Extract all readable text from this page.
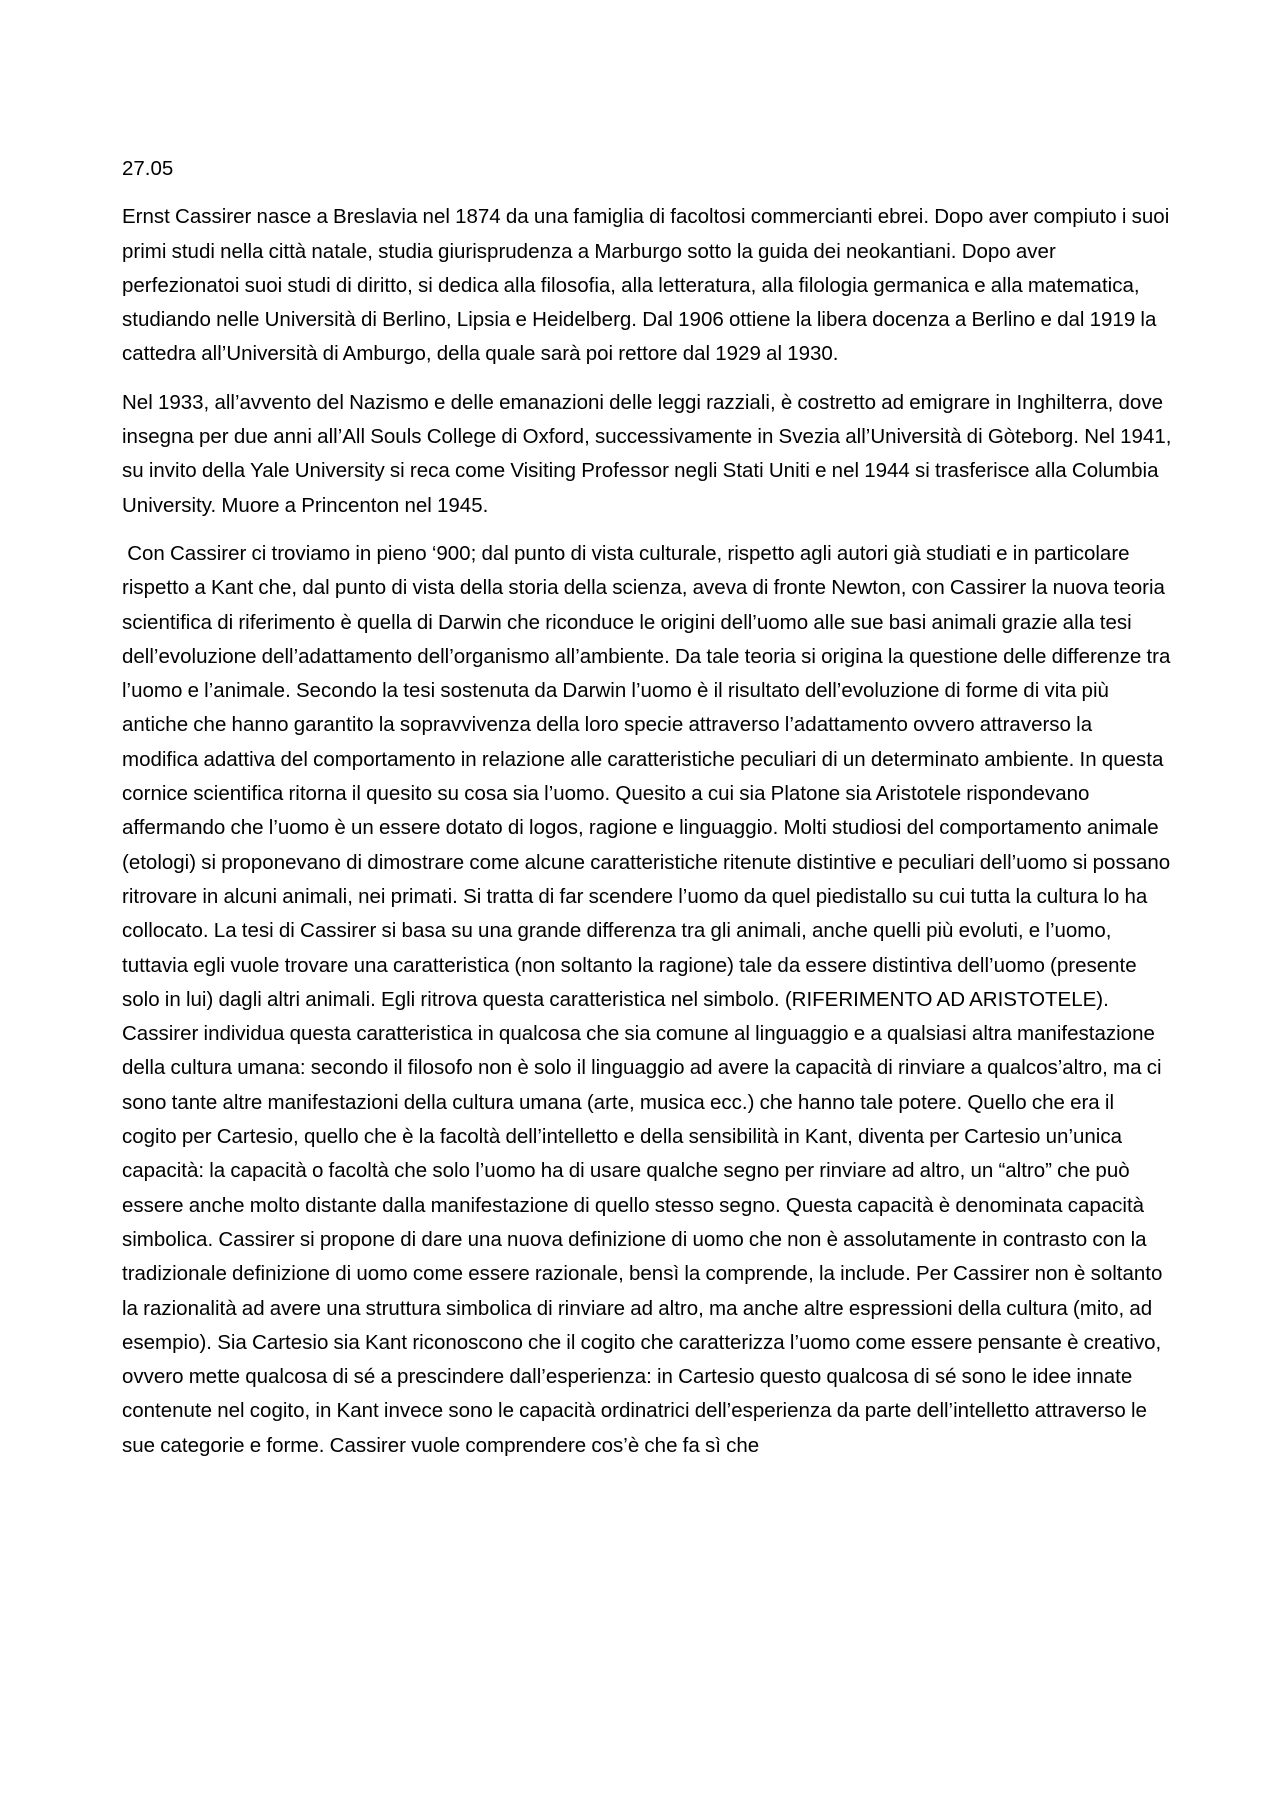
27.05

Ernst Cassirer nasce a Breslavia nel 1874 da una famiglia di facoltosi commercianti ebrei. Dopo aver compiuto i suoi primi studi nella città natale, studia giurisprudenza a Marburgo sotto la guida dei neokantiani. Dopo aver perfezionatoi suoi studi di diritto, si dedica alla filosofia, alla letteratura, alla filologia germanica e alla matematica, studiando nelle Università di Berlino, Lipsia e Heidelberg. Dal 1906 ottiene la libera docenza a Berlino e dal 1919 la cattedra all’Università di Amburgo, della quale sarà poi rettore dal 1929 al 1930.

Nel 1933, all’avvento del Nazismo e delle emanazioni delle leggi razziali, è costretto ad emigrare in Inghilterra, dove insegna per due anni all’All Souls College di Oxford, successivamente in Svezia all’Università di Gòteborg. Nel 1941, su invito della Yale University si reca come Visiting Professor negli Stati Uniti e nel 1944 si trasferisce alla Columbia University. Muore a Princenton nel 1945.

Con Cassirer ci troviamo in pieno ‘900; dal punto di vista culturale, rispetto agli autori già studiati e in particolare rispetto a Kant che, dal punto di vista della storia della scienza, aveva di fronte Newton, con Cassirer la nuova teoria scientifica di riferimento è quella di Darwin che riconduce le origini dell’uomo alle sue basi animali grazie alla tesi dell’evoluzione dell’adattamento dell’organismo all’ambiente. Da tale teoria si origina la questione delle differenze tra l’uomo e l’animale. Secondo la tesi sostenuta da Darwin l’uomo è il risultato dell’evoluzione di forme di vita più antiche che hanno garantito la sopravvivenza della loro specie attraverso l’adattamento ovvero attraverso la modifica adattiva del comportamento in relazione alle caratteristiche peculiari di un determinato ambiente. In questa cornice scientifica ritorna il quesito su cosa sia l’uomo. Quesito a cui sia Platone sia Aristotele rispondevano affermando che l’uomo è un essere dotato di logos, ragione e linguaggio. Molti studiosi del comportamento animale (etologi) si proponevano di dimostrare come alcune caratteristiche ritenute distintive e peculiari dell’uomo si possano ritrovare in alcuni animali, nei primati. Si tratta di far scendere l’uomo da quel piedistallo su cui tutta la cultura lo ha collocato. La tesi di Cassirer si basa su una grande differenza tra gli animali, anche quelli più evoluti, e l’uomo, tuttavia egli vuole trovare una caratteristica (non soltanto la ragione) tale da essere distintiva dell’uomo (presente solo in lui) dagli altri animali. Egli ritrova questa caratteristica nel simbolo. (RIFERIMENTO AD ARISTOTELE). Cassirer individua questa caratteristica in qualcosa che sia comune al linguaggio e a qualsiasi altra manifestazione della cultura umana: secondo il filosofo non è solo il linguaggio ad avere la capacità di rinviare a qualcos’altro, ma ci sono tante altre manifestazioni della cultura umana (arte, musica ecc.) che hanno tale potere. Quello che era il cogito per Cartesio, quello che è la facoltà dell’intelletto e della sensibilità in Kant, diventa per Cartesio un’unica capacità: la capacità o facoltà che solo l’uomo ha di usare qualche segno per rinviare ad altro, un “altro” che può essere anche molto distante dalla manifestazione di quello stesso segno. Questa capacità è denominata capacità simbolica. Cassirer si propone di dare una nuova definizione di uomo che non è assolutamente in contrasto con la tradizionale definizione di uomo come essere razionale, bensì la comprende, la include. Per Cassirer non è soltanto la razionalità ad avere una struttura simbolica di rinviare ad altro, ma anche altre espressioni della cultura (mito, ad esempio). Sia Cartesio sia Kant riconoscono che il cogito che caratterizza l’uomo come essere pensante è creativo, ovvero mette qualcosa di sé a prescindere dall’esperienza: in Cartesio questo qualcosa di sé sono le idee innate contenute nel cogito, in Kant invece sono le capacità ordinatrici dell’esperienza da parte dell’intelletto attraverso le sue categorie e forme. Cassirer vuole comprendere cos’è che fa sì che
